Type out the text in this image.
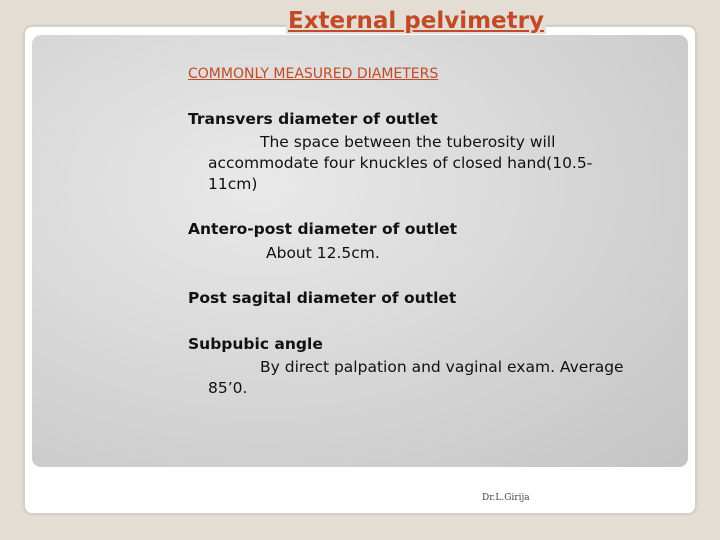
External pelvimetry
COMMONLY MEASURED DIAMETERS
Transvers diameter of outlet
The space between the tuberosity will
accommodate four knuckles of closed hand(10.5-
11cm)
Antero-post diameter of outlet
About 12.5cm.
Post sagital diameter of outlet
Subpubic angle
By direct palpation and vaginal exam. Average
85’0.
Dr.L.Girija
